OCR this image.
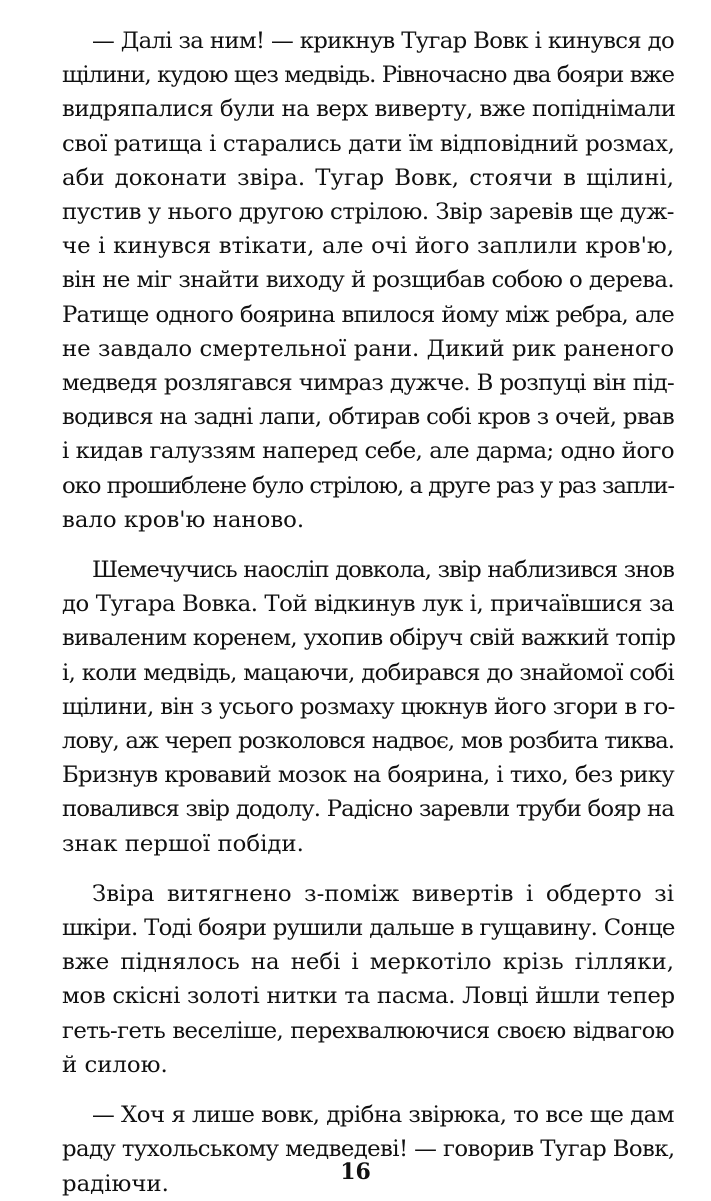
— Далі за ним! — крикнув Тугар Вовк і кинувся до
щілини, кудою щез медвідь. Рівночасно два бояри вже
видряпалися були на верх виверту, вже попіднімали
свої ратища і старались дати їм відповідний розмах,
аби доконати звіра. Тугар Вовк, стоячи в щілині,
пустив у нього другою стрілою. Звір заревів ще дуж-
че і кинувся втікати, але очі його заплили кров'ю,
він не міг знайти виходу й розщибав собою о дерева.
Ратище одного боярина впилося йому між ребра, але
не завдало смертельної рани. Дикий рик раненого
медведя розлягався чимраз дужче. В розпуці він під-
водився на задні лапи, обтирав собі кров з очей, рвав
і кидав галуззям наперед себе, але дарма; одно його
око прошиблене було стрілою, а друге раз у раз запли-
вало кров'ю наново.

Шемечучись наосліп довкола, звір наблизився знов
до Тугара Вовка. Той відкинув лук і, причаївшися за
виваленим коренем, ухопив обіруч свій важкий топір
і, коли медвідь, мацаючи, добирався до знайомої собі
щілини, він з усього розмаху цюкнув його згори в го-
лову, аж череп розколовся надвоє, мов розбита тиква.
Бризнув кровавий мозок на боярина, і тихо, без рику
повалився звір додолу. Радісно заревли труби бояр на
знак першої побіди.

Звіра витягнено з-поміж вивертів і обдерто зі
шкіри. Тоді бояри рушили дальше в гущавину. Сонце
вже піднялось на небі і меркотіло крізь гілляки,
мов скісні золоті нитки та пасма. Ловці йшли тепер
геть-геть веселіше, перехвалюючися своєю відвагою
й силою.

— Хоч я лише вовк, дрібна звірюка, то все ще дам
раду тухольському медведеві! — говорив Тугар Вовк,
радіючи.	16
